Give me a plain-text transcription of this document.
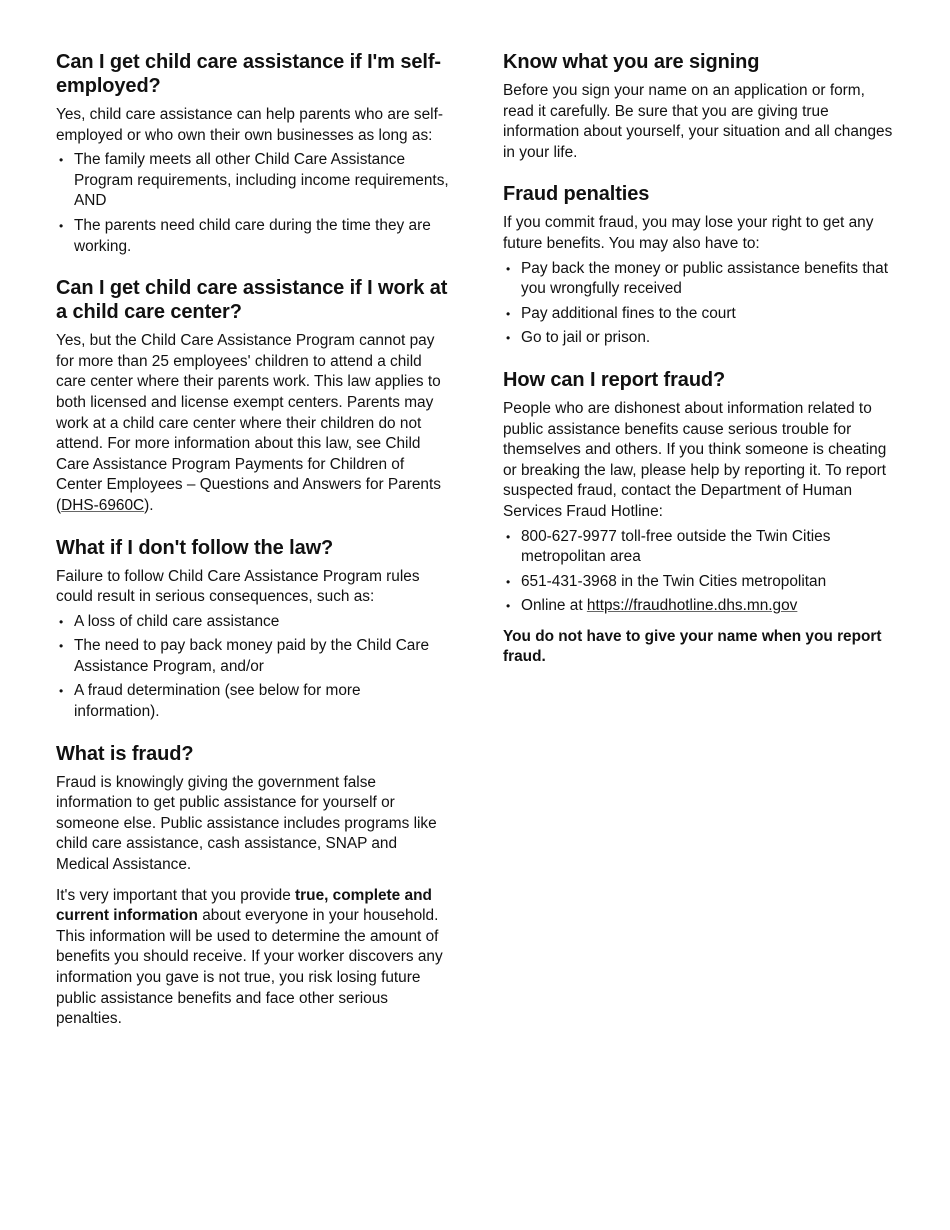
Can I get child care assistance if I'm self-employed?

Yes, child care assistance can help parents who are self-employed or who own their own businesses as long as:

• The family meets all other Child Care Assistance Program requirements, including income requirements, AND
• The parents need child care during the time they are working.
Can I get child care assistance if I work at a child care center?

Yes, but the Child Care Assistance Program cannot pay for more than 25 employees' children to attend a child care center where their parents work. This law applies to both licensed and license exempt centers. Parents may work at a child care center where their children do not attend. For more information about this law, see Child Care Assistance Program Payments for Children of Center Employees – Questions and Answers for Parents (DHS-6960C).

What if I don't follow the law?

Failure to follow Child Care Assistance Program rules could result in serious consequences, such as:

• A loss of child care assistance
• The need to pay back money paid by the Child Care Assistance Program, and/or
• A fraud determination (see below for more information).
What is fraud?

Fraud is knowingly giving the government false information to get public assistance for yourself or someone else. Public assistance includes programs like child care assistance, cash assistance, SNAP and Medical Assistance.

It's very important that you provide true, complete and current information about everyone in your household. This information will be used to determine the amount of benefits you should receive. If your worker discovers any information you gave is not true, you risk losing future public assistance benefits and face other serious penalties.

Know what you are signing

Before you sign your name on an application or form, read it carefully. Be sure that you are giving true information about yourself, your situation and all changes in your life.

Fraud penalties

If you commit fraud, you may lose your right to get any future benefits. You may also have to:

• Pay back the money or public assistance benefits that you wrongfully received
• Pay additional fines to the court
• Go to jail or prison.
How can I report fraud?

People who are dishonest about information related to public assistance benefits cause serious trouble for themselves and others. If you think someone is cheating or breaking the law, please help by reporting it. To report suspected fraud, contact the Department of Human Services Fraud Hotline:

• 800-627-9977 toll-free outside the Twin Cities metropolitan area
• 651-431-3968 in the Twin Cities metropolitan
• Online at https://fraudhotline.dhs.mn.gov

You do not have to give your name when you report fraud.
